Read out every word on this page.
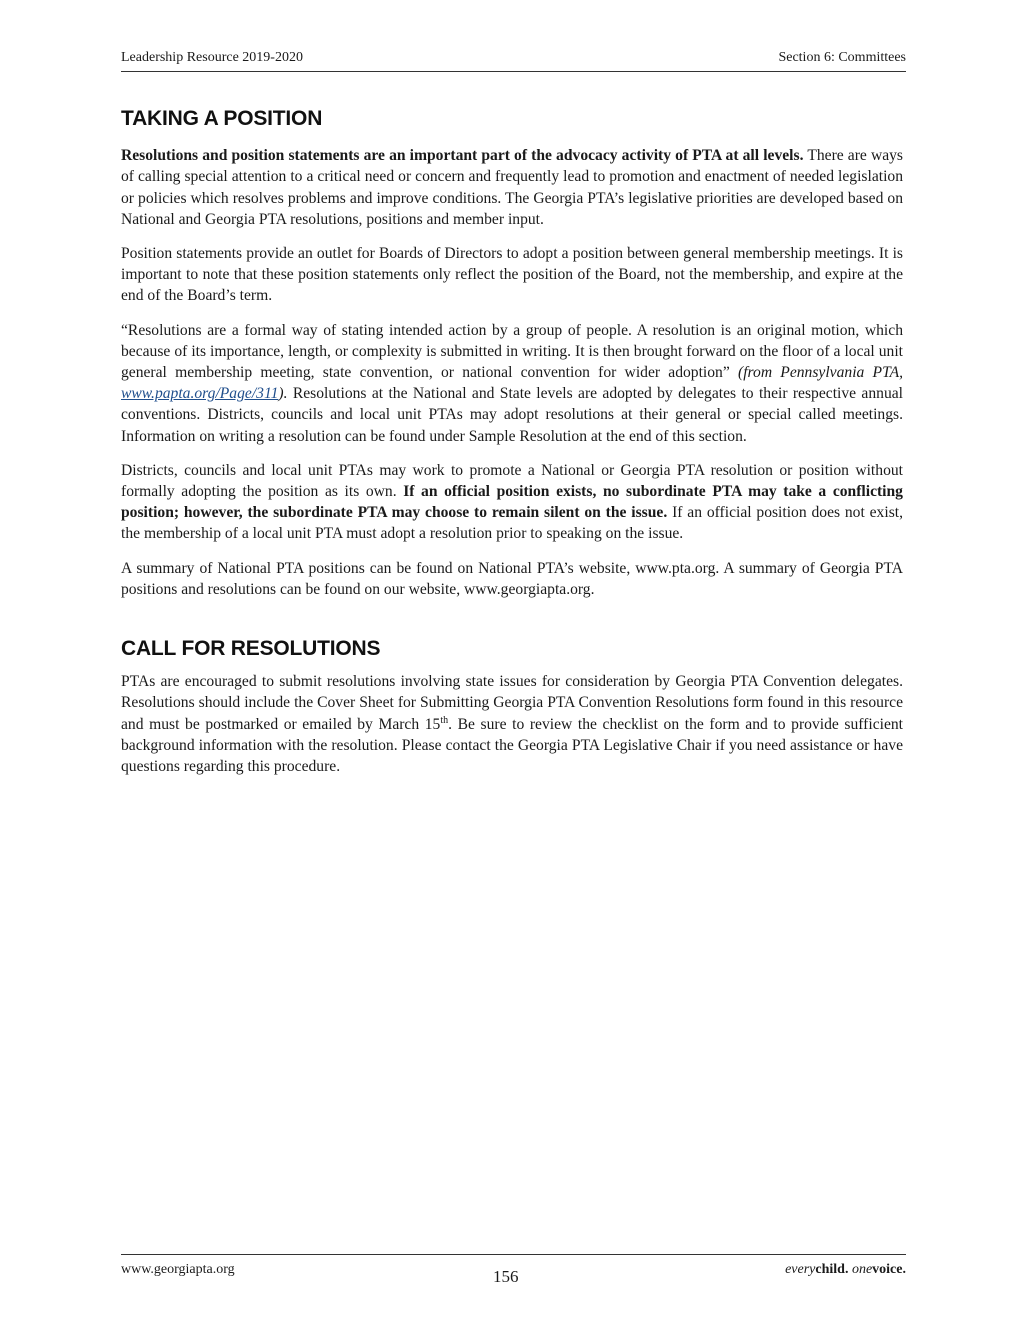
Leadership Resource 2019-2020	Section 6: Committees
TAKING A POSITION

Resolutions and position statements are an important part of the advocacy activity of PTA at all levels. There are ways of calling special attention to a critical need or concern and frequently lead to promotion and enactment of needed legislation or policies which resolves problems and improve conditions. The Georgia PTA’s legislative priorities are developed based on National and Georgia PTA resolutions, positions and member input.

Position statements provide an outlet for Boards of Directors to adopt a position between general membership meetings. It is important to note that these position statements only reflect the position of the Board, not the membership, and expire at the end of the Board’s term.

“Resolutions are a formal way of stating intended action by a group of people. A resolution is an original motion, which because of its importance, length, or complexity is submitted in writing. It is then brought forward on the floor of a local unit general membership meeting, state convention, or national convention for wider adoption” (from Pennsylvania PTA, www.papta.org/Page/311). Resolutions at the National and State levels are adopted by delegates to their respective annual conventions. Districts, councils and local unit PTAs may adopt resolutions at their general or special called meetings. Information on writing a resolution can be found under Sample Resolution at the end of this section.

Districts, councils and local unit PTAs may work to promote a National or Georgia PTA resolution or position without formally adopting the position as its own. If an official position exists, no subordinate PTA may take a conflicting position; however, the subordinate PTA may choose to remain silent on the issue. If an official position does not exist, the membership of a local unit PTA must adopt a resolution prior to speaking on the issue.

A summary of National PTA positions can be found on National PTA’s website, www.pta.org. A summary of Georgia PTA positions and resolutions can be found on our website, www.georgiapta.org.

CALL FOR RESOLUTIONS

PTAs are encouraged to submit resolutions involving state issues for consideration by Georgia PTA Convention delegates. Resolutions should include the Cover Sheet for Submitting Georgia PTA Convention Resolutions form found in this resource and must be postmarked or emailed by March 15th. Be sure to review the checklist on the form and to provide sufficient background information with the resolution. Please contact the Georgia PTA Legislative Chair if you need assistance or have questions regarding this procedure.

www.georgiapta.org	156	everychild. onevoice.
